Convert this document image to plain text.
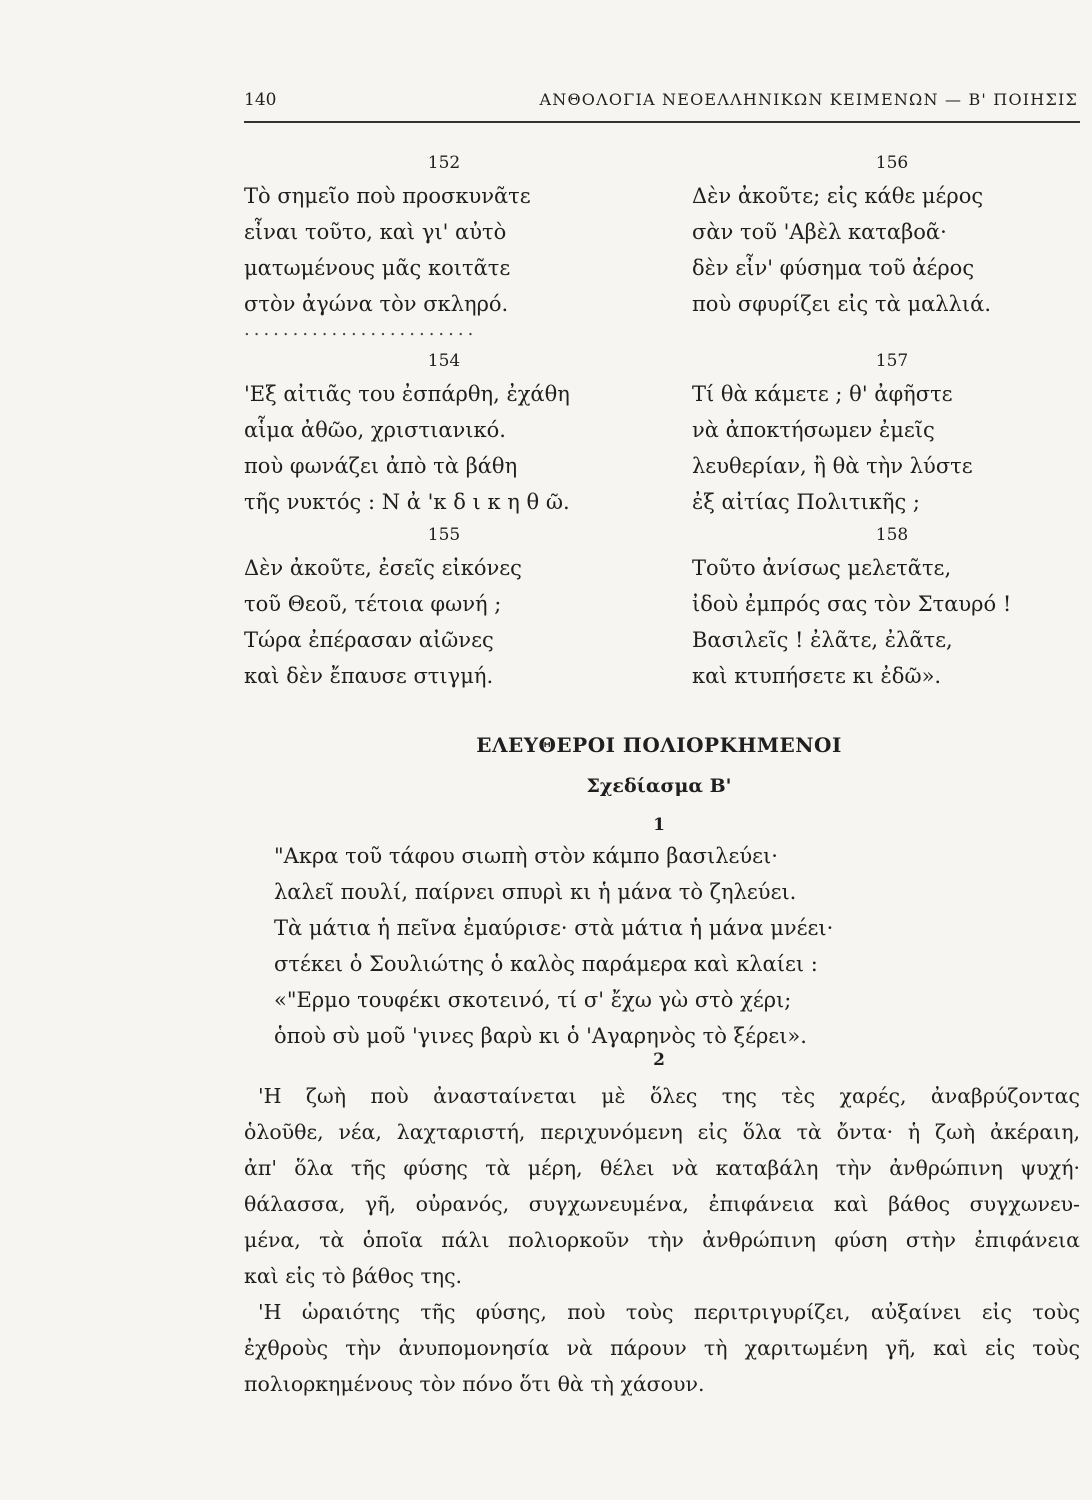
140	ΑΝΘΟΛΟΓΙΑ ΝΕΟΕΛΛΗΝΙΚΩΝ ΚΕΙΜΕΝΩΝ — Β' ΠΟΙΗΣΙΣ
152
Τὸ σημεῖο ποὺ προσκυνᾶτε
εἶναι τοῦτο, καὶ γι' αὐτὸ
ματωμένους μᾶς κοιτᾶτε
στὸν ἀγώνα τὸν σκληρό.
........................
154
'Εξ αἰτιᾶς του ἐσπάρθη, ἐχάθη
αἷμα ἀθῶο, χριστιανικό.
ποὺ φωνάζει ἀπὸ τὰ βάθη
τῆς νυκτός : Ν ἀ 'κ δ ι κ η θ ῶ.
155
Δὲν ἀκοῦτε, ἐσεῖς εἰκόνες
τοῦ Θεοῦ, τέτοια φωνή ;
Τώρα ἐπέρασαν αἰῶνες
καὶ δὲν ἔπαυσε στιγμή.
156
Δὲν ἀκοῦτε; εἰς κάθε μέρος
σὰν τοῦ 'Αβὲλ καταβοᾶ·
δὲν εἶν' φύσημα τοῦ ἀέρος
ποὺ σφυρίζει εἰς τὰ μαλλιά.
157
Τί θὰ κάμετε ; θ' ἀφῆστε
νὰ ἀποκτήσωμεν ἐμεῖς
λευθερίαν, ἢ θὰ τὴν λύστε
ἐξ αἰτίας Πολιτικῆς ;
158
Τοῦτο ἀνίσως μελετᾶτε,
ἰδοὺ ἐμπρός σας τὸν Σταυρό !
Βασιλεῖς ! ἐλᾶτε, ἐλᾶτε,
καὶ κτυπήσετε κι ἐδῶ».
ΕΛΕΥΘΕΡΟΙ ΠΟΛΙΟΡΚΗΜΕΝΟΙ
Σχεδίασμα Β'
1
"Ακρα τοῦ τάφου σιωπὴ στὸν κάμπο βασιλεύει·
λαλεῖ πουλί, παίρνει σπυρὶ κι ἡ μάνα τὸ ζηλεύει.
Τὰ μάτια ἡ πεῖνα ἐμαύρισε· στὰ μάτια ἡ μάνα μνέει·
στέκει ὁ Σουλιώτης ὁ καλὸς παράμερα καὶ κλαίει :
«"Ερμο τουφέκι σκοτεινό, τί σ' ἔχω γὼ στὸ χέρι;
ὁποὺ σὺ μοῦ 'γινες βαρὺ κι ὁ 'Αγαρηνὸς τὸ ξέρει».
2
'Η ζωὴ ποὺ ἀνασταίνεται μὲ ὅλες της τὲς χαρές, ἀναβρύζοντας
ὁλοῦθε, νέα, λαχταριστή, περιχυνόμενη εἰς ὅλα τὰ ὄντα· ἡ ζωὴ ἀκέραιη,
ἀπ' ὅλα τῆς φύσης τὰ μέρη, θέλει νὰ καταβάλη τὴν ἀνθρώπινη ψυχή·
θάλασσα, γῆ, οὐρανός, συγχωνευμένα, ἐπιφάνεια καὶ βάθος συγχωνευ-
μένα, τὰ ὁποῖα πάλι πολιορκοῦν τὴν ἀνθρώπινη φύση στὴν ἐπιφάνεια
καὶ εἰς τὸ βάθος της.
'Η ὡραιότης τῆς φύσης, ποὺ τοὺς περιτριγυρίζει, αὐξαίνει εἰς τοὺς
ἐχθροὺς τὴν ἀνυπομονησία νὰ πάρουν τὴ χαριτωμένη γῆ, καὶ εἰς τοὺς
πολιορκημένους τὸν πόνο ὅτι θὰ τὴ χάσουν.
